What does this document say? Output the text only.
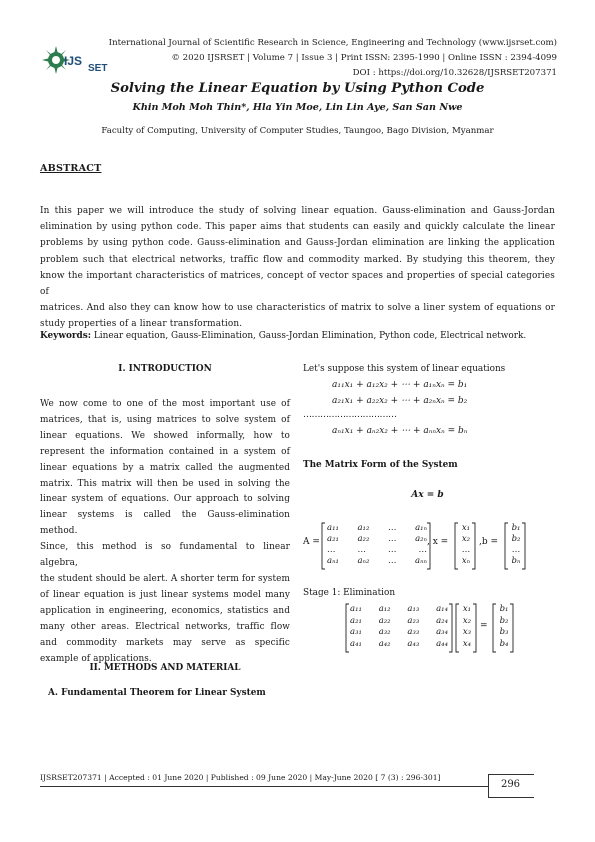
IJS
SET
International Journal of Scientific Research in Science, Engineering and Technology (www.ijsrset.com)
© 2020 IJSRSET | Volume 7 | Issue 3 | Print ISSN: 2395-1990 | Online ISSN : 2394-4099
DOI : https://doi.org/10.32628/IJSRSET207371
Solving the Linear Equation by Using Python Code
Khin Moh Moh Thin*, Hla Yin Moe, Lin Lin Aye, San San Nwe
Faculty of Computing, University of Computer Studies, Taungoo, Bago Division, Myanmar
ABSTRACT
In this paper we will introduce the study of solving linear equation. Gauss-elimination and Gauss-Jordan
elimination by using python code. This paper aims that students can easily and quickly calculate the linear
problems by using python code. Gauss-elimination and Gauss-Jordan elimination are linking the application
problem such that electrical networks, traffic flow and commodity marked. By studying this theorem, they
know the important characteristics of matrices, concept of vector spaces and properties of special categories of
matrices. And also they can know how to use characteristics of matrix to solve a liner system of equations or
study properties of a linear transformation.
Keywords: Linear equation, Gauss-Elimination, Gauss-Jordan Elimination, Python code, Electrical network.
I. INTRODUCTION
We now come to one of the most important use of
matrices, that is, using matrices to solve system of
linear equations. We showed informally, how to
represent the information contained in a system of
linear equations by a matrix called the augmented
matrix. This matrix will then be used in solving the
linear system of equations. Our approach to solving
linear systems is called the Gauss-elimination method.
Since, this method is so fundamental to linear algebra,
the student should be alert. A shorter term for system
of linear equation is just linear systems model many
application in engineering, economics, statistics and
many other areas. Electrical networks, traffic flow
and commodity markets may serve as specific
example of applications.
II. METHODS AND MATERIAL
A. Fundamental Theorem for Linear System
Let's suppose this system of linear equations
a₁₁x₁ + a₁₂x₂ + ⋯ + a₁ₙxₙ = b₁
a₂₁x₁ + a₂₂x₂ + ⋯ + a₂ₙxₙ = b₂
……………………………
aₙ₁x₁ + aₙ₂x₂ + ⋯ + aₙₙxₙ = bₙ
The Matrix Form of the System
Ax = b
A =
a₁₁ a₁₂ … a₁ₙ
a₂₁ a₂₂ … a₂ₙ
…	…	…	…
aₙ₁ aₙ₂ … aₙₙ
, x =
x₁
x₂
…
xₙ
,b =
b₁
b₂
…
bₙ
Stage 1: Elimination
a₁₁ a₁₂ a₁₃ a₁₄
a₂₁ a₂₂ a₂₃ a₂₄
a₃₁ a₃₂ a₃₃ a₃₄
a₄₁ a₄₂ a₄₃ a₄₄
x₁
x₂
x₃
x₄
=
b₁
b₂
b₃
b₄
IJSRSET207371 | Accepted : 01 June 2020 | Published : 09 June 2020 | May-June 2020 [ 7 (3) : 296-301]
296
